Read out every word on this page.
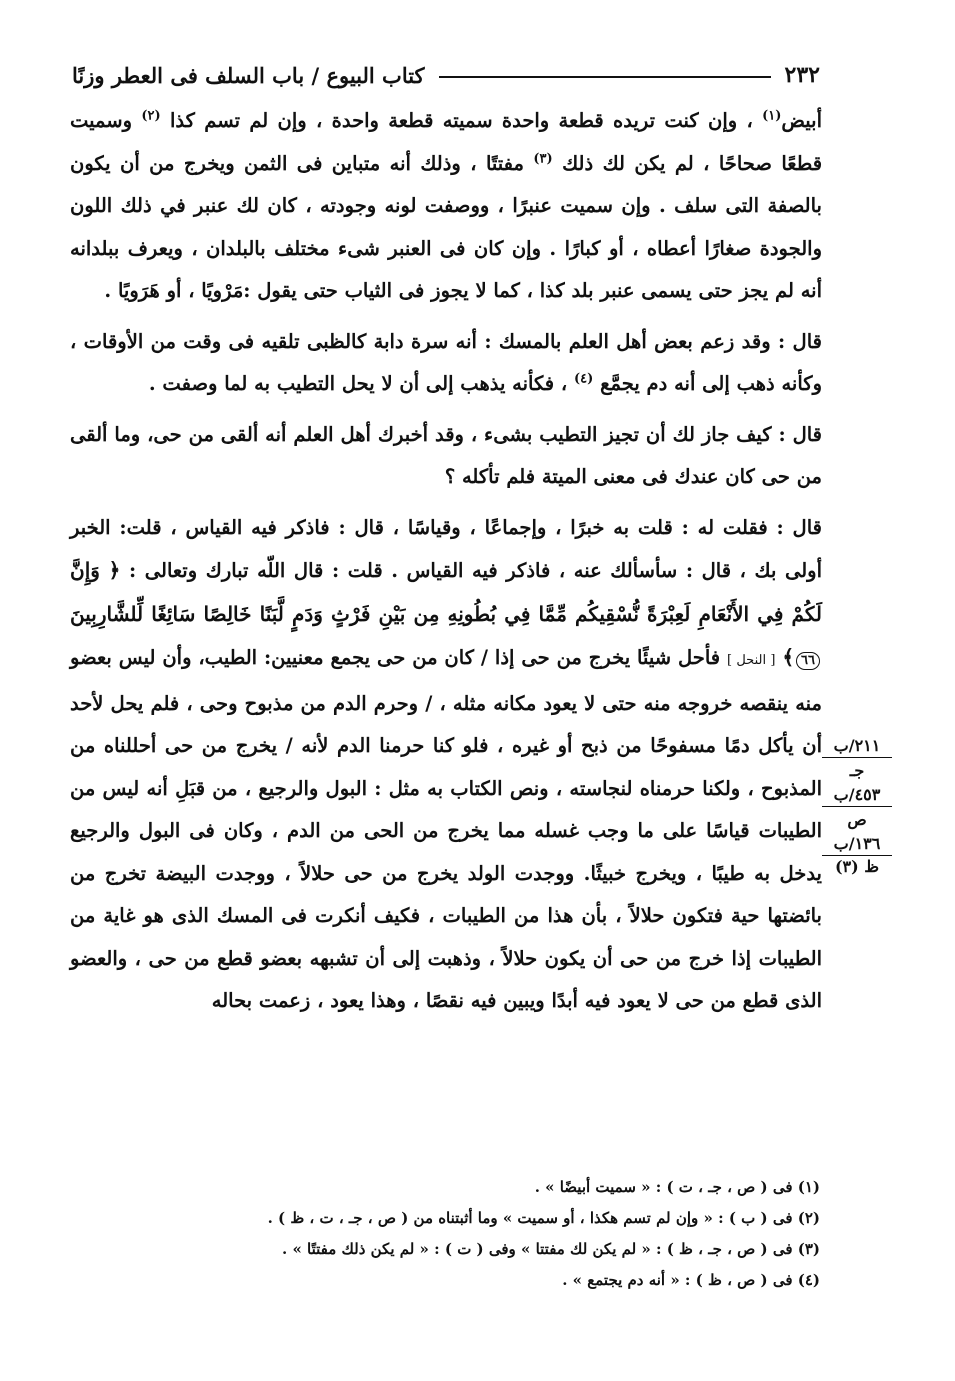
٢٣٢
كتاب البيوع / باب السلف فى العطر وزنًا

أبيض$^{(١)}$ ، وإن كنت تريده قطعة واحدة سميته قطعة واحدة ، وإن لم تسم كذا $^{(٢)}$ وسميت قطعًا صحاحًا ، لم يكن لك ذلك $^{(٣)}$ مفتتًا ، وذلك أنه متباين فى الثمن ويخرج من أن يكون بالصفة التى سلف . وإن سميت عنبرًا ، ووصفت لونه وجودته ، كان لك عنبر في ذلك اللون والجودة صغارًا أعطاه ، أو كبارًا . وإن كان فى العنبر شىء مختلف بالبلدان ، ويعرف ببلدانه أنه لم يجز حتى يسمى عنبر بلد كذا ، كما لا يجوز فى الثياب حتى يقول :مَرْويًا ، أو هَرَويًا .

قال : وقد زعم بعض أهل العلم بالمسك : أنه سرة دابة كالظبى تلقيه فى وقت من الأوقات ، وكأنه ذهب إلى أنه دم يجمَّع $^{(٤)}$ ، فكأنه يذهب إلى أن لا يحل التطيب به لما وصفت .

قال : كيف جاز لك أن تجيز التطيب بشىء ، وقد أخبرك أهل العلم أنه ألقى من حى، وما ألقى من حى كان عندك فى معنى الميتة فلم تأكله ؟

قال : فقلت له : قلت به خبرًا ، وإجماعًا ، وقياسًا ، قال : فاذكر فيه القياس ، قلت: الخبر أولى بك ، قال : سأسألك عنه ، فاذكر فيه القياس . قلت : قال اللّه تبارك وتعالى : ﴿ وَإِنَّ لَكُمْ فِي الأَنْعَامِ لَعِبْرَةً نُّسْقِيكُم مِّمَّا فِي بُطُونِهِ مِن بَيْنِ فَرْثٍ وَدَمٍ لَّبَنًا خَالِصًا سَائِغًا لِّلشَّارِبِينَ ٦٦﴾ [ النحل ] فأحل شيئًا يخرج من حى إذا / كان من حى يجمع معنيين: الطيب، وأن ليس بعضو منه ينقصه خروجه منه حتى لا يعود مكانه مثله ، / وحرم الدم من مذبوح وحى ، فلم يحل لأحد أن يأكل دمًا مسفوحًا من ذبح أو غيره ، فلو كنا حرمنا الدم لأنه / يخرج من حى أحللناه من المذبوح ، ولكنا حرمناه لنجاسته ، ونص الكتاب به مثل : البول والرجيع ، من قبَلِ أنه ليس من الطيبات قياسًا على ما وجب غسله مما يخرج من الحى من الدم ، وكان فى البول والرجيع يدخل به طيبًا ، ويخرج خبيثًا. ووجدت الولد يخرج من حى حلالاً ، ووجدت البيضة تخرج من بائضتها حية فتكون حلالاً ، بأن هذا من الطيبات ، فكيف أنكرت فى المسك الذى هو غاية من الطيبات إذا خرج من حى أن يكون حلالاً ، وذهبت إلى أن تشبهه بعضو قطع من حى ، والعضو الذى قطع من حى لا يعود فيه أبدًا ويبين فيه نقصًا ، وهذا يعود ، زعمت بحاله

٢١١/ب
جـ
٤٥٣/ب
ص
١٣٦/ب
ظ (٣)
(١) فى ( ص ، جـ ، ت ) : « سميت أبيضًا » .
(٢) فى ( ب ) : « وإن لم تسم هكذا ، أو سميت » وما أثبتناه من ( ص ، جـ ، ت ، ظ ) .
(٣) فى ( ص ، جـ ، ظ ) : « لم يكن لك مفتتا » وفى ( ت ) : « لم يكن ذلك مفتتًا » .
(٤) فى ( ص ، ظ ) : « أنه دم يجتمع » .
